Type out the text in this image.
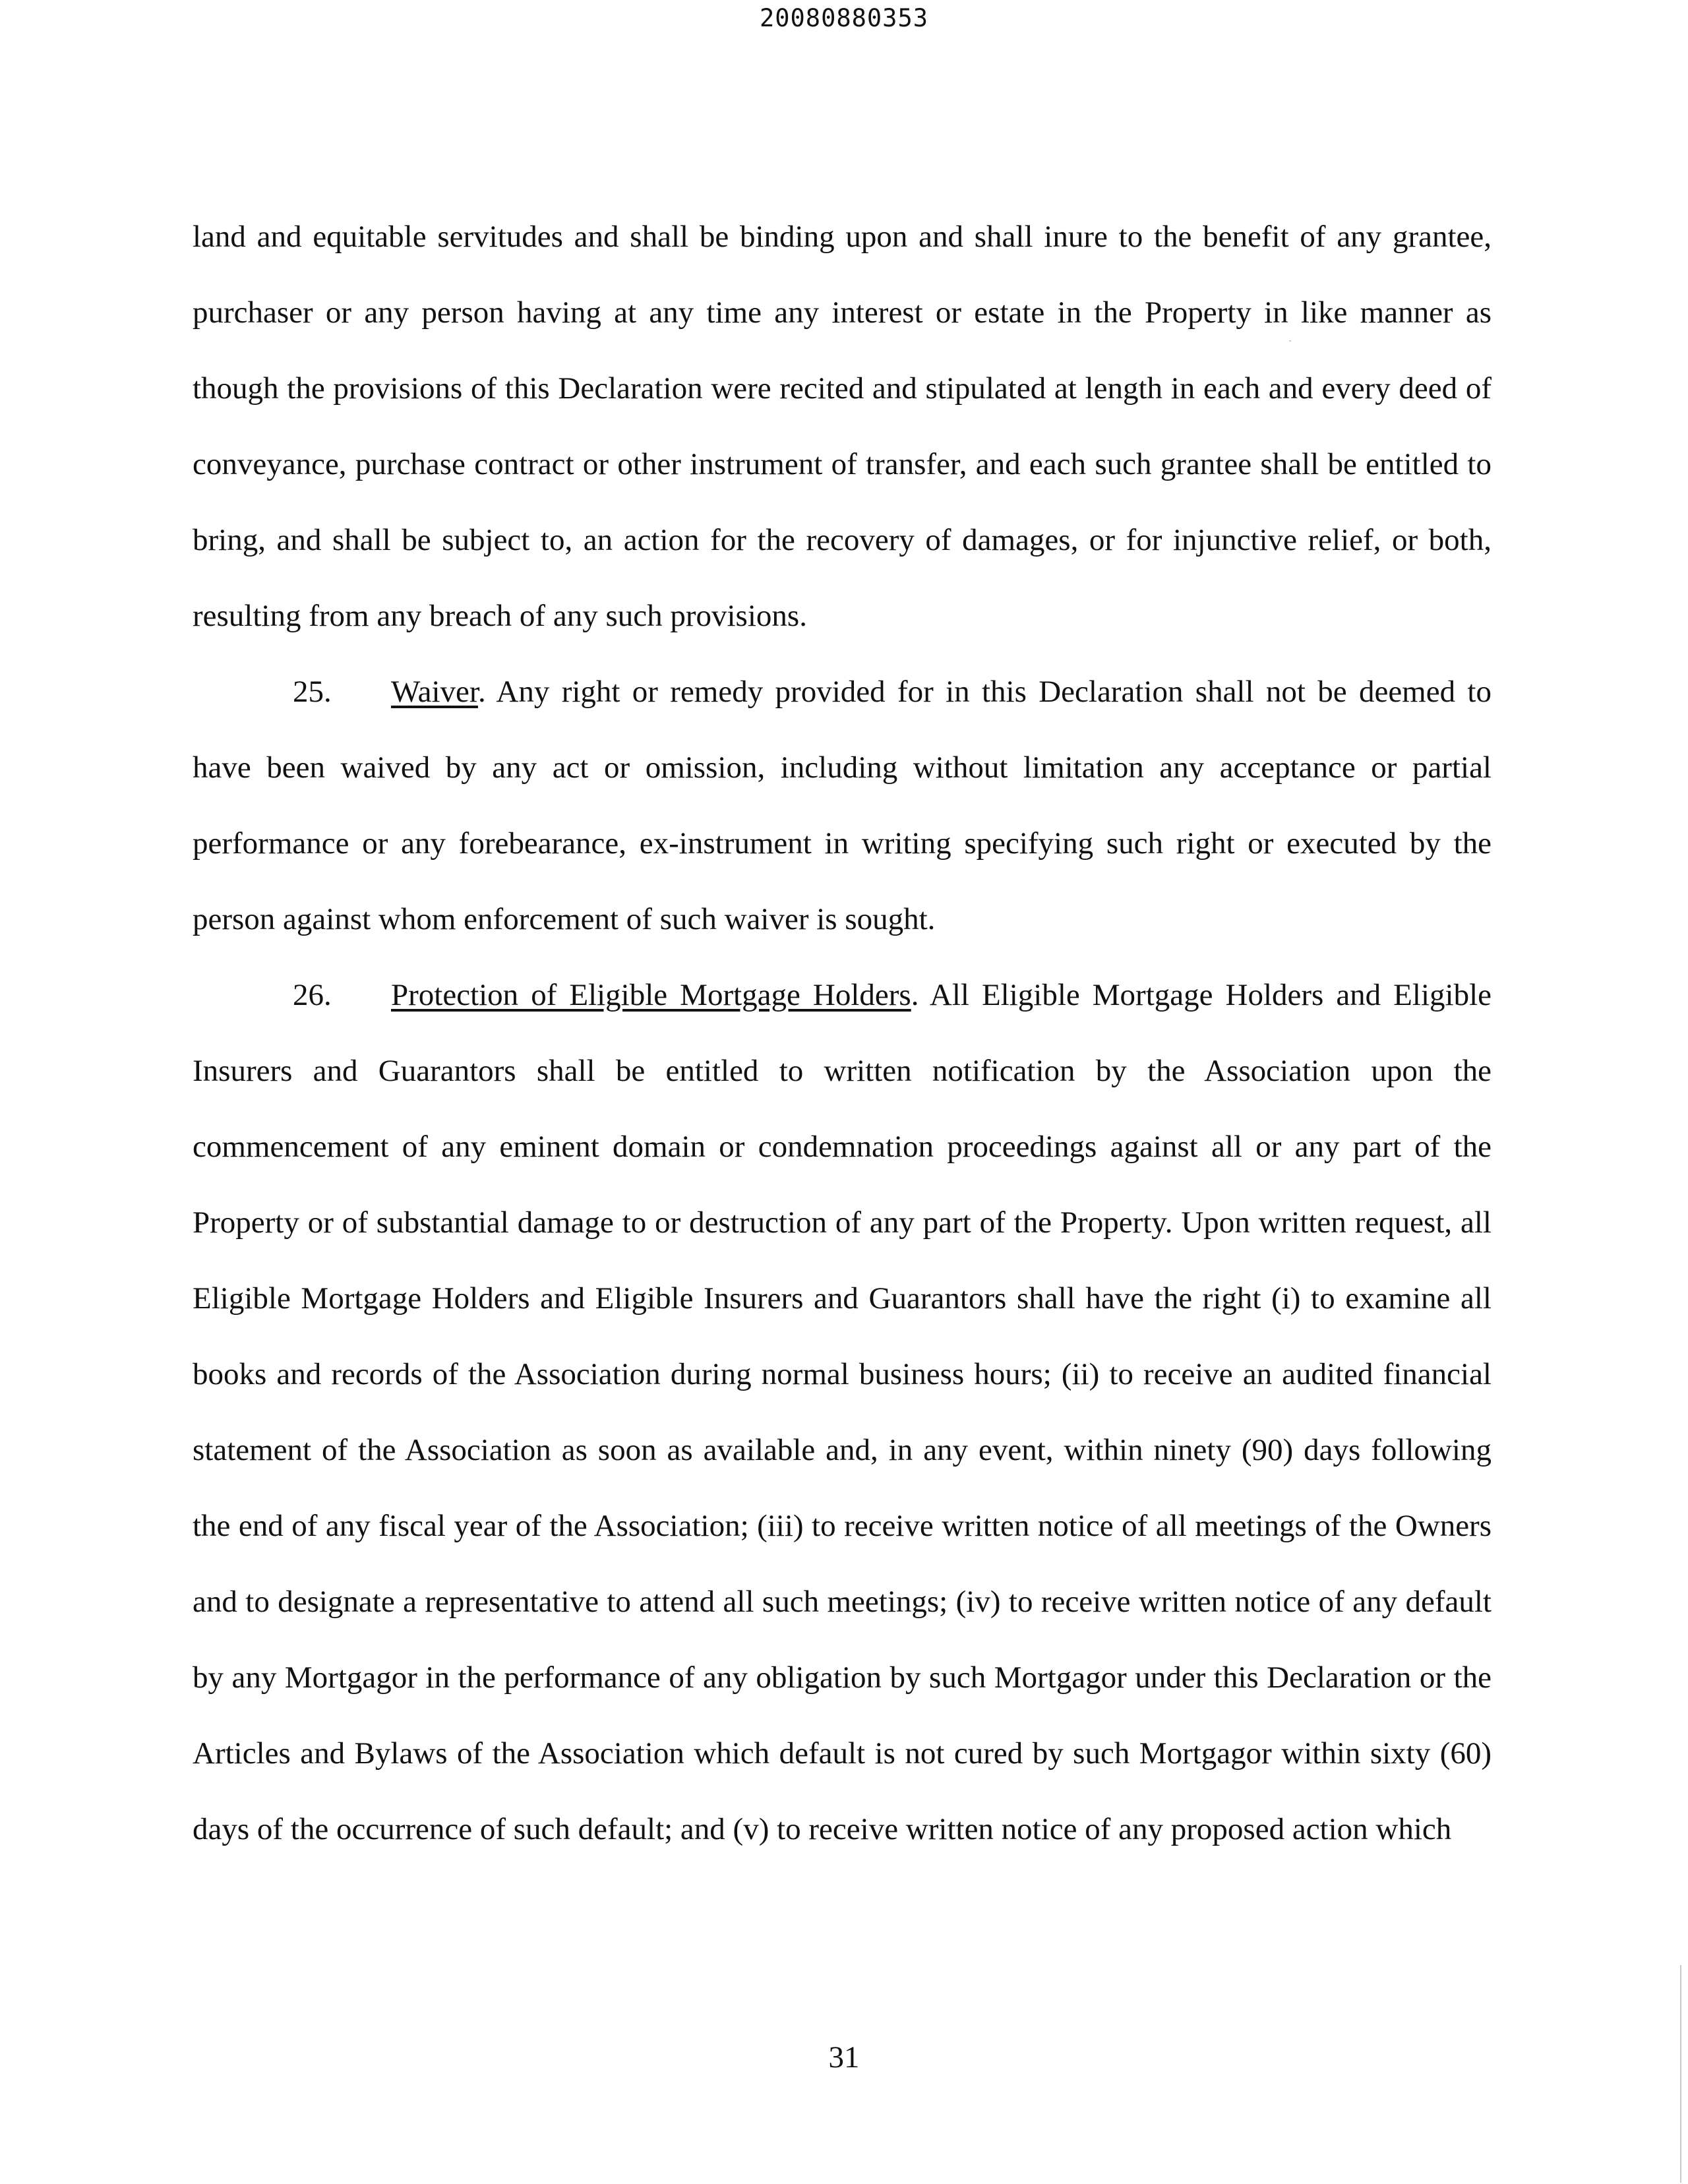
20080880353

land and equitable servitudes and shall be binding upon and shall inure to the benefit of any grantee, purchaser or any person having at any time any interest or estate in the Property in like manner as though the provisions of this Declaration were recited and stipulated at length in each and every deed of conveyance, purchase contract or other instrument of transfer, and each such grantee shall be entitled to bring, and shall be subject to, an action for the recovery of damages, or for injunctive relief, or both, resulting from any breach of any such provisions.

25. Waiver. Any right or remedy provided for in this Declaration shall not be deemed to have been waived by any act or omission, including without limitation any acceptance or partial performance or any forebearance, ex-instrument in writing specifying such right or executed by the person against whom enforcement of such waiver is sought.

26. Protection of Eligible Mortgage Holders. All Eligible Mortgage Holders and Eligible Insurers and Guarantors shall be entitled to written notification by the Association upon the commencement of any eminent domain or condemnation proceedings against all or any part of the Property or of substantial damage to or destruction of any part of the Property. Upon written request, all Eligible Mortgage Holders and Eligible Insurers and Guarantors shall have the right (i) to examine all books and records of the Association during normal business hours; (ii) to receive an audited financial statement of the Association as soon as available and, in any event, within ninety (90) days following the end of any fiscal year of the Association; (iii) to receive written notice of all meetings of the Owners and to designate a representative to attend all such meetings; (iv) to receive written notice of any default by any Mortgagor in the performance of any obligation by such Mortgagor under this Declaration or the Articles and Bylaws of the Association which default is not cured by such Mortgagor within sixty (60) days of the occurrence of such default; and (v) to receive written notice of any proposed action which

31
